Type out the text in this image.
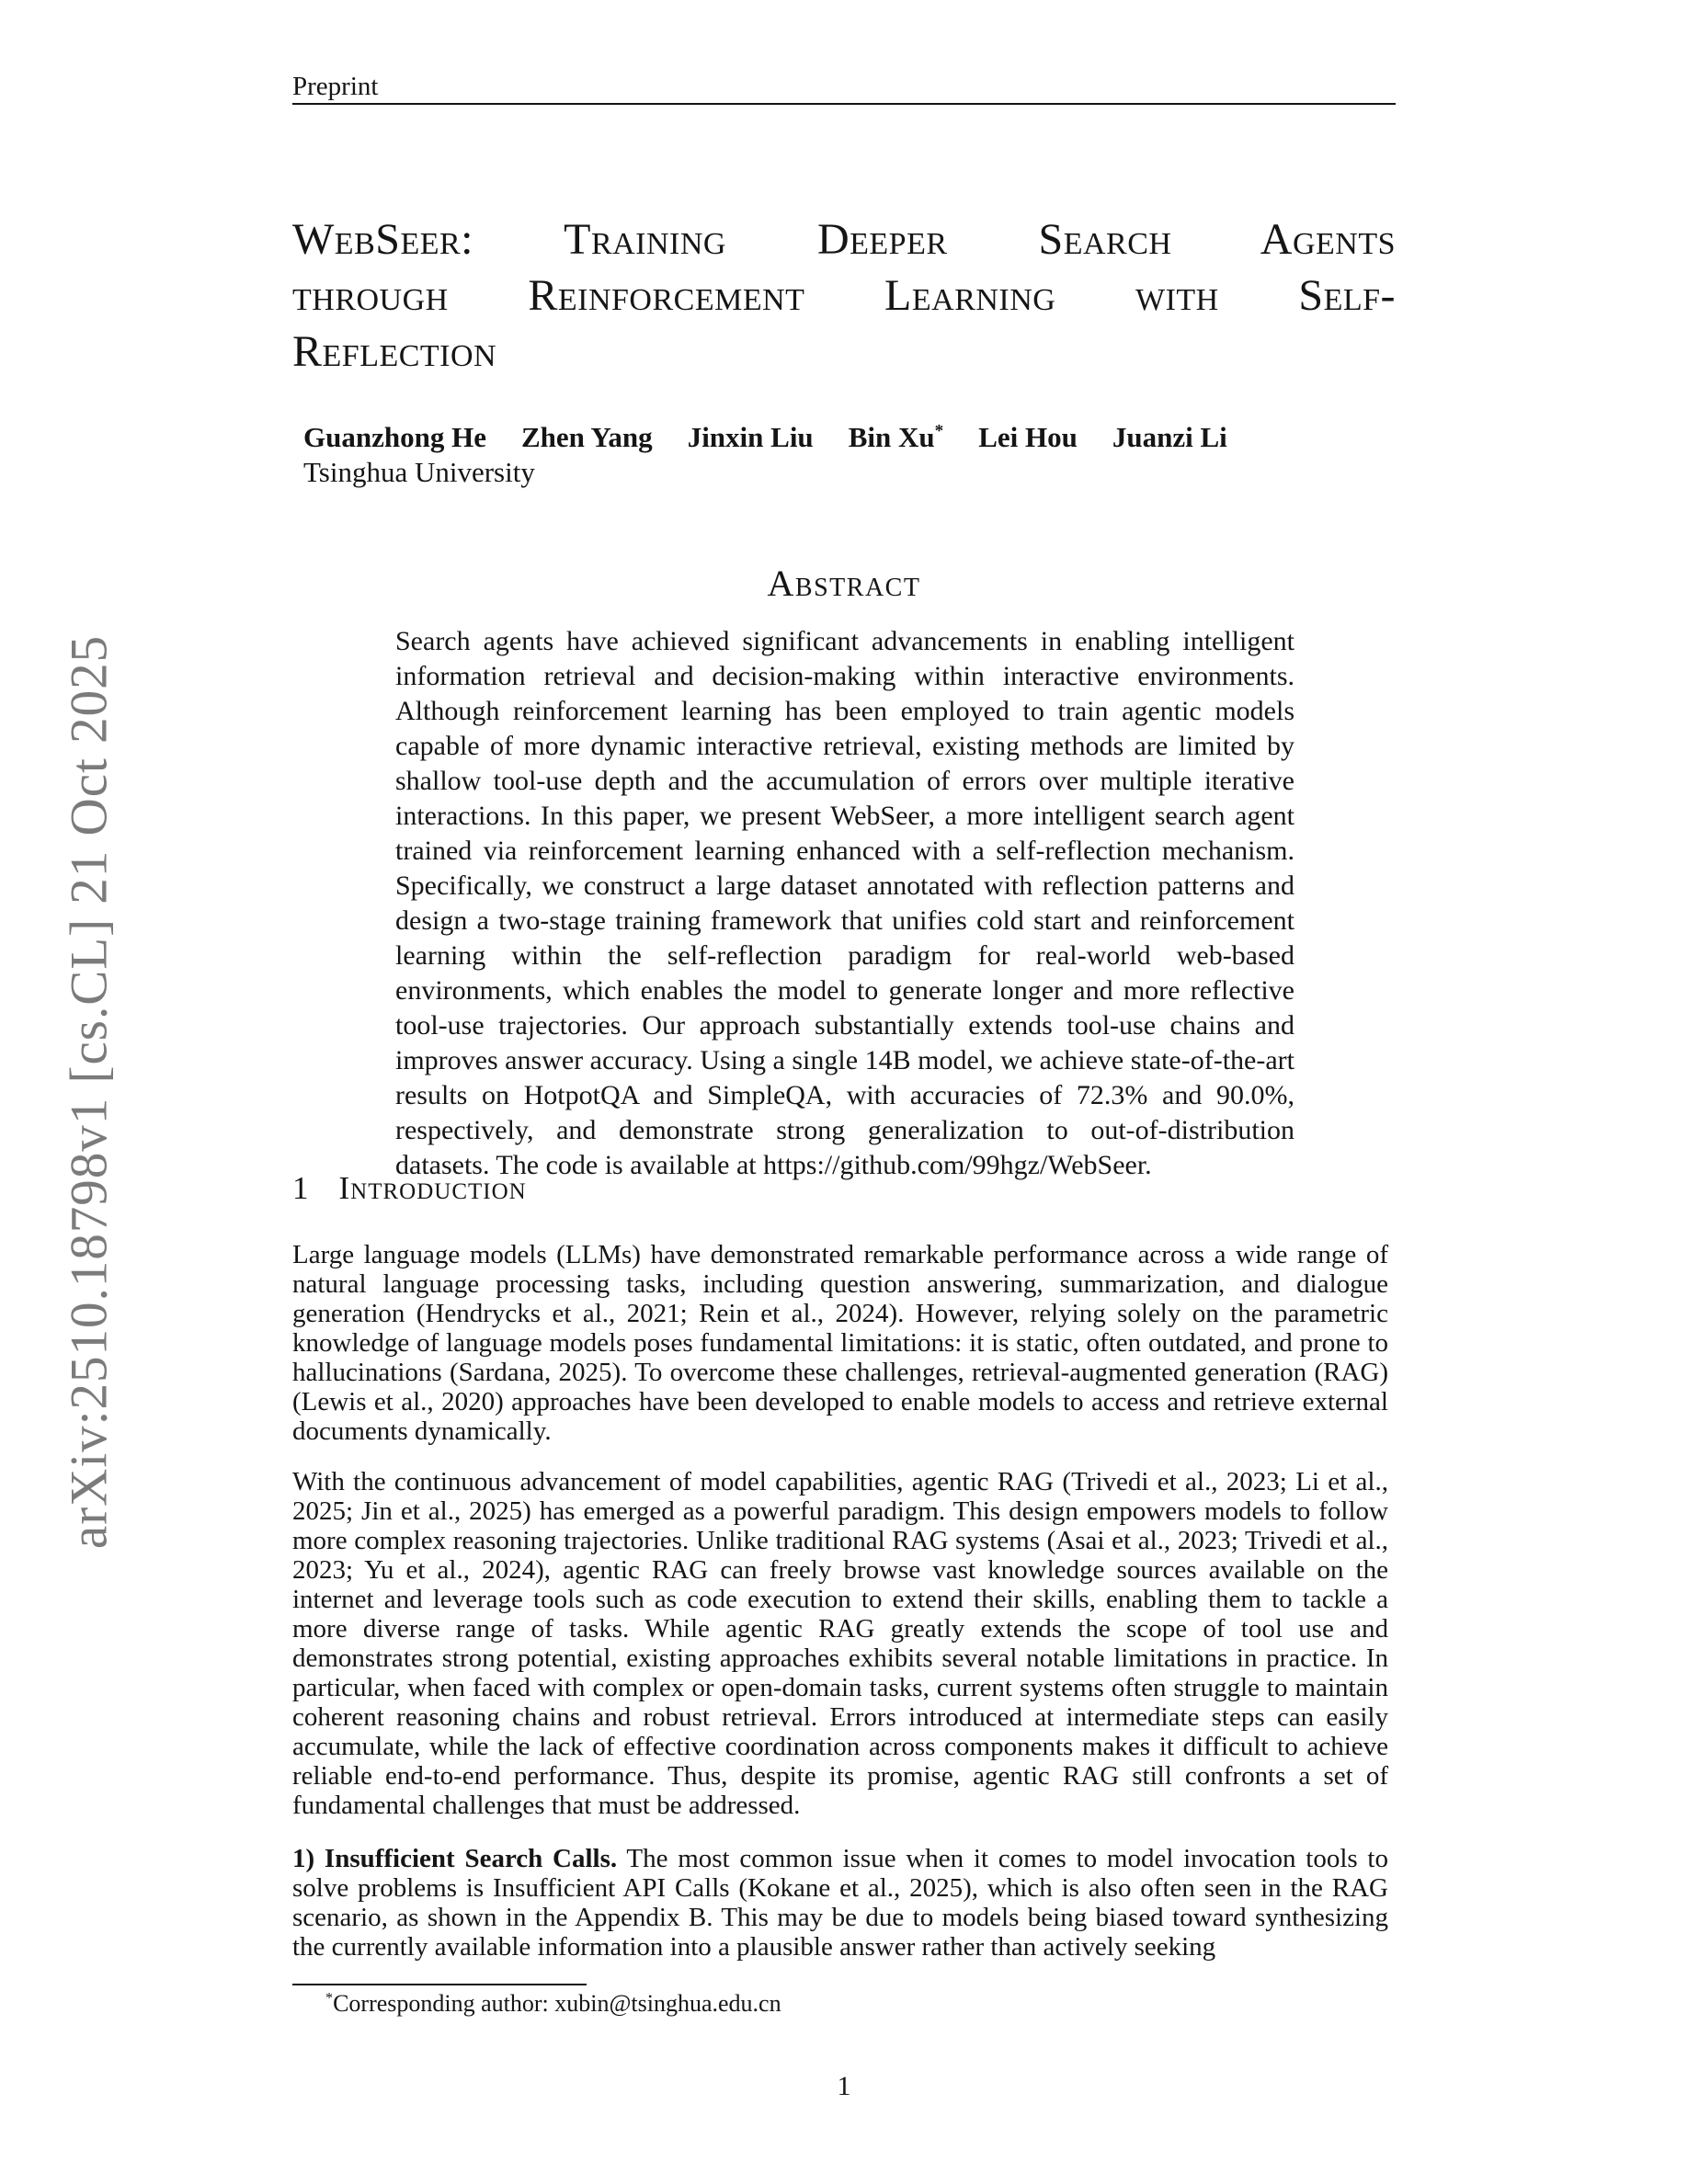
arXiv:2510.18798v1 [cs.CL] 21 Oct 2025
Preprint
WebSeer: Training Deeper Search Agents
through Reinforcement Learning with Self-
Reflection
Guanzhong He Zhen Yang Jinxin Liu Bin Xu* Lei Hou Juanzi Li
Tsinghua University
Abstract
Search agents have achieved significant advancements in enabling intelligent information retrieval and decision-making within interactive environments. Although reinforcement learning has been employed to train agentic models capable of more dynamic interactive retrieval, existing methods are limited by shallow tool-use depth and the accumulation of errors over multiple iterative interactions. In this paper, we present WebSeer, a more intelligent search agent trained via reinforcement learning enhanced with a self-reflection mechanism. Specifically, we construct a large dataset annotated with reflection patterns and design a two-stage training framework that unifies cold start and reinforcement learning within the self-reflection paradigm for real-world web-based environments, which enables the model to generate longer and more reflective tool-use trajectories. Our approach substantially extends tool-use chains and improves answer accuracy. Using a single 14B model, we achieve state-of-the-art results on HotpotQA and SimpleQA, with accuracies of 72.3% and 90.0%, respectively, and demonstrate strong generalization to out-of-distribution datasets. The code is available at https://github.com/99hgz/WebSeer.
1 Introduction
Large language models (LLMs) have demonstrated remarkable performance across a wide range of natural language processing tasks, including question answering, summarization, and dialogue generation (Hendrycks et al., 2021; Rein et al., 2024). However, relying solely on the parametric knowledge of language models poses fundamental limitations: it is static, often outdated, and prone to hallucinations (Sardana, 2025). To overcome these challenges, retrieval-augmented generation (RAG) (Lewis et al., 2020) approaches have been developed to enable models to access and retrieve external documents dynamically.
With the continuous advancement of model capabilities, agentic RAG (Trivedi et al., 2023; Li et al., 2025; Jin et al., 2025) has emerged as a powerful paradigm. This design empowers models to follow more complex reasoning trajectories. Unlike traditional RAG systems (Asai et al., 2023; Trivedi et al., 2023; Yu et al., 2024), agentic RAG can freely browse vast knowledge sources available on the internet and leverage tools such as code execution to extend their skills, enabling them to tackle a more diverse range of tasks. While agentic RAG greatly extends the scope of tool use and demonstrates strong potential, existing approaches exhibits several notable limitations in practice. In particular, when faced with complex or open-domain tasks, current systems often struggle to maintain coherent reasoning chains and robust retrieval. Errors introduced at intermediate steps can easily accumulate, while the lack of effective coordination across components makes it difficult to achieve reliable end-to-end performance. Thus, despite its promise, agentic RAG still confronts a set of fundamental challenges that must be addressed.
1) Insufficient Search Calls. The most common issue when it comes to model invocation tools to solve problems is Insufficient API Calls (Kokane et al., 2025), which is also often seen in the RAG scenario, as shown in the Appendix B. This may be due to models being biased toward synthesizing the currently available information into a plausible answer rather than actively seeking
*Corresponding author: xubin@tsinghua.edu.cn
1
